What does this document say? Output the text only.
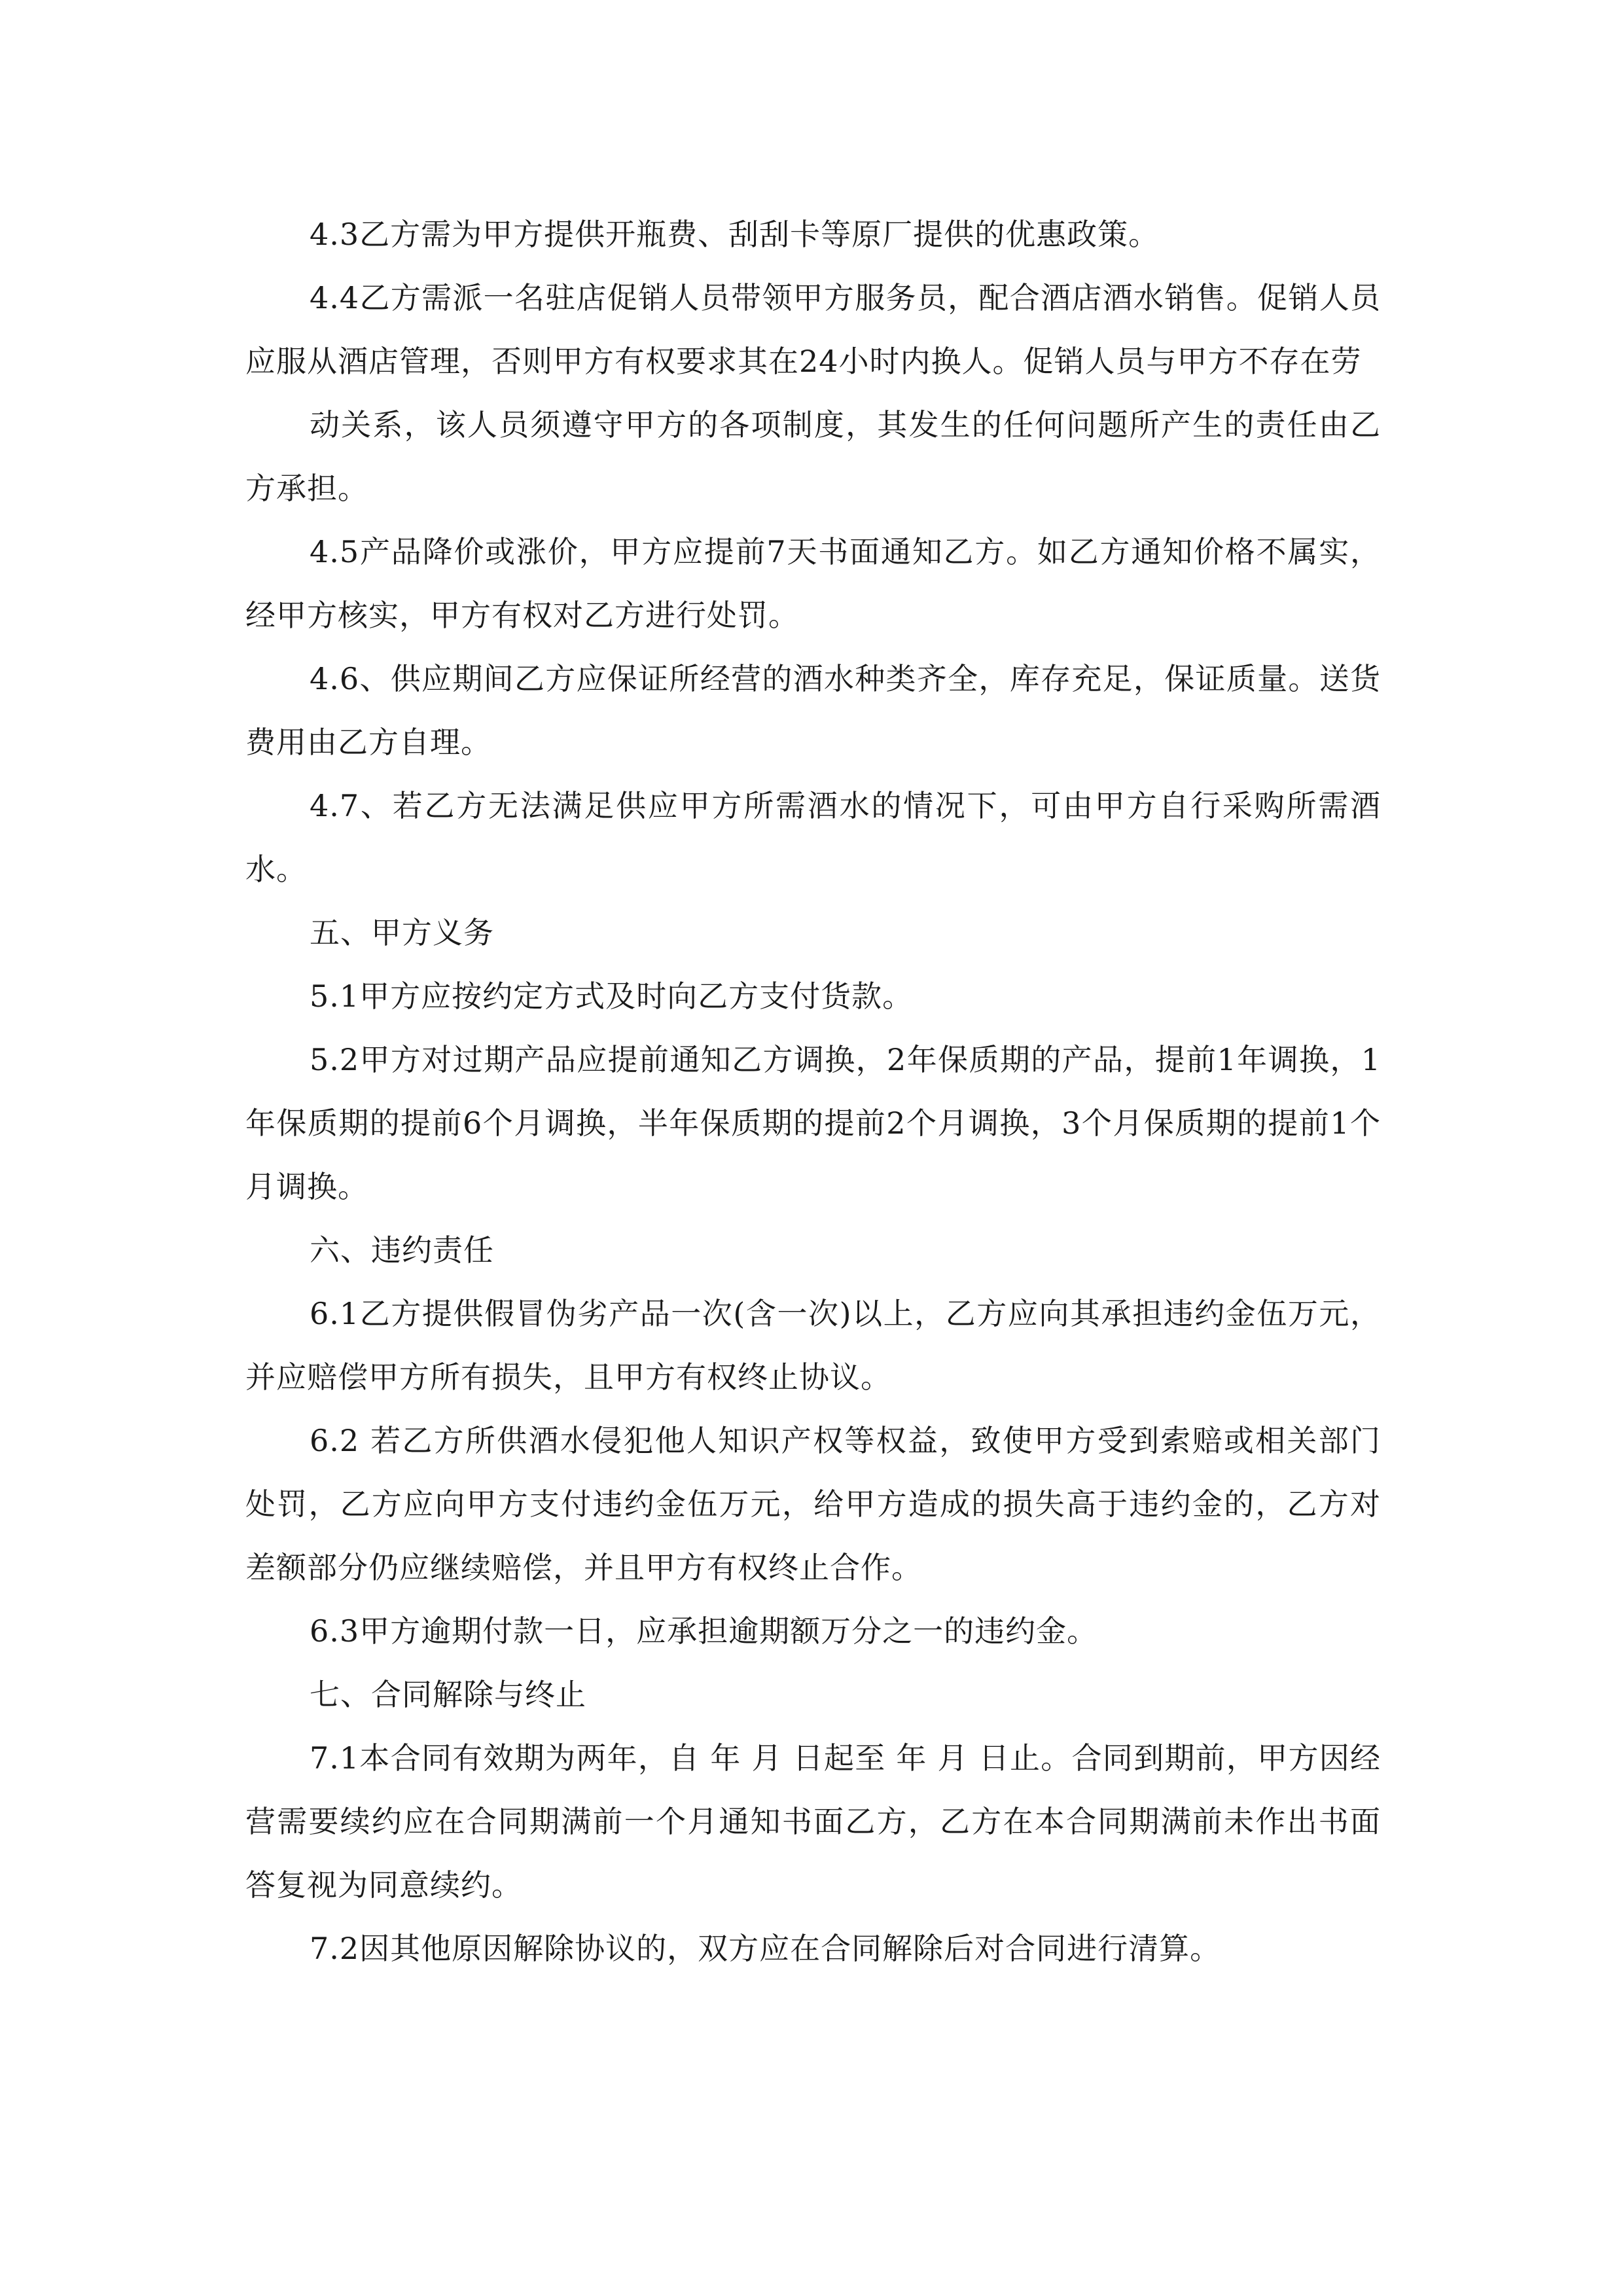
4.3乙方需为甲方提供开瓶费、刮刮卡等原厂提供的优惠政策。

4.4乙方需派一名驻店促销人员带领甲方服务员，配合酒店酒水销售。促销人员应服从酒店管理，否则甲方有权要求其在24小时内换人。促销人员与甲方不存在劳

动关系，该人员须遵守甲方的各项制度，其发生的任何问题所产生的责任由乙方承担。

4.5产品降价或涨价，甲方应提前7天书面通知乙方。如乙方通知价格不属实，经甲方核实，甲方有权对乙方进行处罚。

4.6、供应期间乙方应保证所经营的酒水种类齐全，库存充足，保证质量。送货费用由乙方自理。

4.7、若乙方无法满足供应甲方所需酒水的情况下，可由甲方自行采购所需酒水。

五、甲方义务

5.1甲方应按约定方式及时向乙方支付货款。

5.2甲方对过期产品应提前通知乙方调换，2年保质期的产品，提前1年调换，1年保质期的提前6个月调换，半年保质期的提前2个月调换，3个月保质期的提前1个月调换。

六、违约责任

6.1乙方提供假冒伪劣产品一次(含一次)以上，乙方应向其承担违约金伍万元，并应赔偿甲方所有损失，且甲方有权终止协议。

6.2 若乙方所供酒水侵犯他人知识产权等权益，致使甲方受到索赔或相关部门处罚，乙方应向甲方支付违约金伍万元，给甲方造成的损失高于违约金的，乙方对差额部分仍应继续赔偿，并且甲方有权终止合作。

6.3甲方逾期付款一日，应承担逾期额万分之一的违约金。

七、合同解除与终止

7.1本合同有效期为两年，自 年 月 日起至 年 月 日止。合同到期前，甲方因经营需要续约应在合同期满前一个月通知书面乙方，乙方在本合同期满前未作出书面答复视为同意续约。

7.2因其他原因解除协议的，双方应在合同解除后对合同进行清算。
